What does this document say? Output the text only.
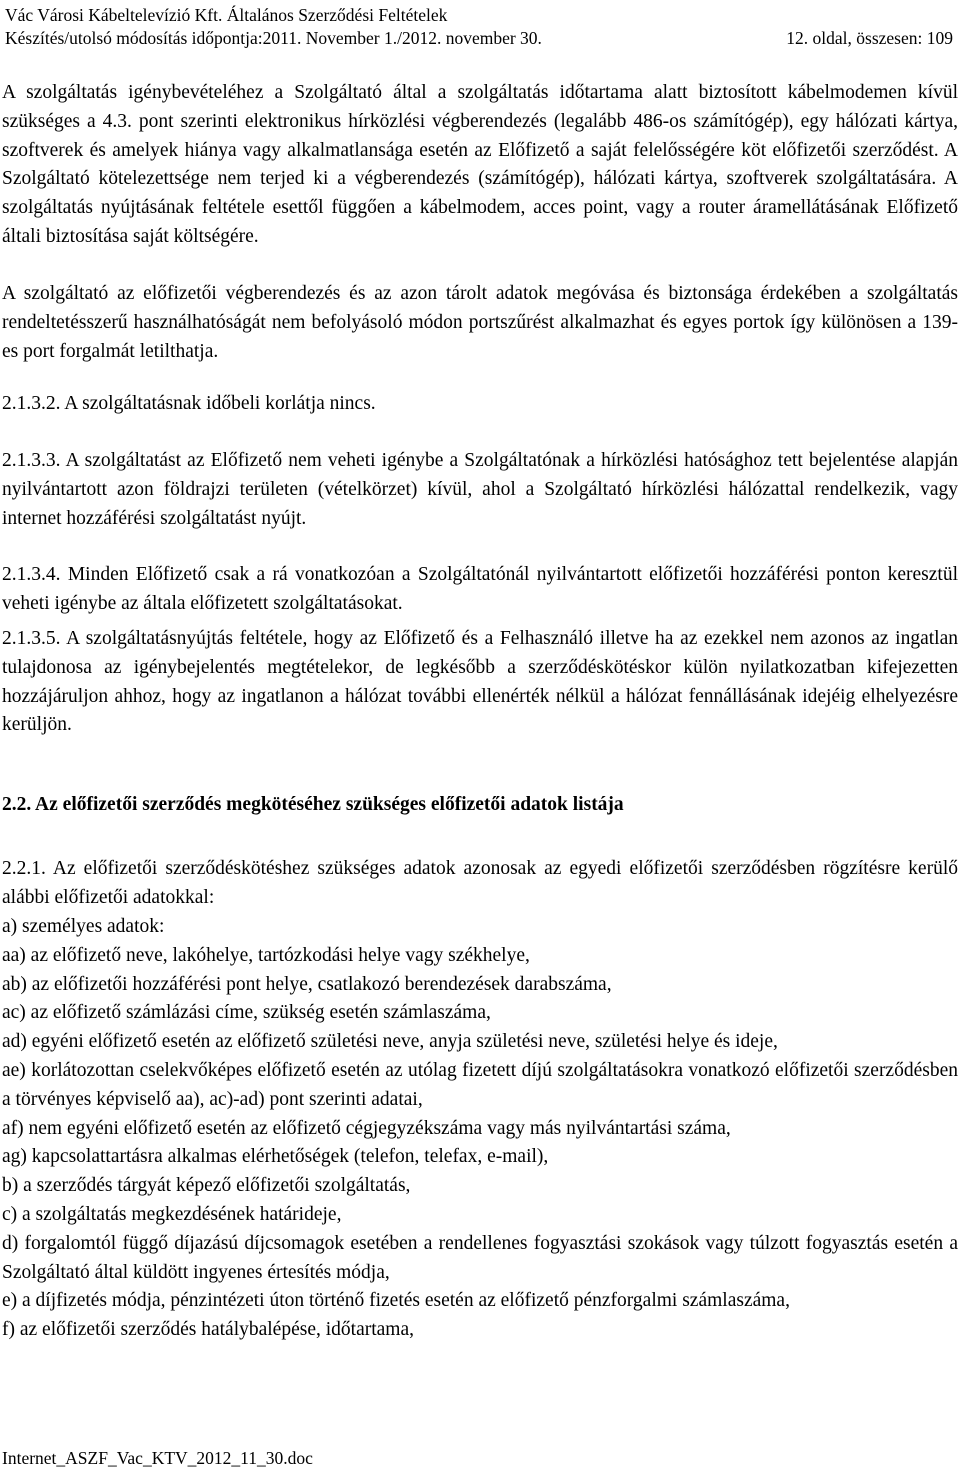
Vác Városi Kábeltelevízió Kft. Általános Szerződési Feltételek
Készítés/utolsó módosítás időpontja:2011. November 1./2012. november 30.	12. oldal, összesen: 109
A szolgáltatás igénybevételéhez a Szolgáltató által a szolgáltatás időtartama alatt biztosított kábelmodemen kívül szükséges a 4.3. pont szerinti elektronikus hírközlési végberendezés (legalább 486-os számítógép), egy hálózati kártya, szoftverek és amelyek hiánya vagy alkalmatlansága esetén az Előfizető a saját felelősségére köt előfizetői szerződést. A Szolgáltató kötelezettsége nem terjed ki a végberendezés (számítógép), hálózati kártya, szoftverek szolgáltatására. A szolgáltatás nyújtásának feltétele esettől függően a kábelmodem, acces point, vagy a router áramellátásának Előfizető általi biztosítása saját költségére.
A szolgáltató az előfizetői végberendezés és az azon tárolt adatok megóvása és biztonsága érdekében a szolgáltatás rendeltetésszerű használhatóságát nem befolyásoló módon portszűrést alkalmazhat és egyes portok így különösen a 139-es port forgalmát letilthatja.
2.1.3.2. A szolgáltatásnak időbeli korlátja nincs.
2.1.3.3. A szolgáltatást az Előfizető nem veheti igénybe a Szolgáltatónak a hírközlési hatósághoz tett bejelentése alapján nyilvántartott azon földrajzi területen (vételkörzet) kívül, ahol a Szolgáltató hírközlési hálózattal rendelkezik, vagy internet hozzáférési szolgáltatást nyújt.
2.1.3.4. Minden Előfizető csak a rá vonatkozóan a Szolgáltatónál nyilvántartott előfizetői hozzáférési ponton keresztül veheti igénybe az általa előfizetett szolgáltatásokat.
2.1.3.5. A szolgáltatásnyújtás feltétele, hogy az Előfizető és a Felhasználó illetve ha az ezekkel nem azonos az ingatlan tulajdonosa az igénybejelentés megtételekor, de legkésőbb a szerződéskötéskor külön nyilatkozatban kifejezetten hozzájáruljon ahhoz, hogy az ingatlanon a hálózat további ellenérték nélkül a hálózat fennállásának idejéig elhelyezésre kerüljön.
2.2. Az előfizetői szerződés megkötéséhez szükséges előfizetői adatok listája
2.2.1. Az előfizetői szerződéskötéshez szükséges adatok azonosak az egyedi előfizetői szerződésben rögzítésre kerülő alábbi előfizetői adatokkal:
a) személyes adatok:
aa) az előfizető neve, lakóhelye, tartózkodási helye vagy székhelye,
ab) az előfizetői hozzáférési pont helye, csatlakozó berendezések darabszáma,
ac) az előfizető számlázási címe, szükség esetén számlaszáma,
ad) egyéni előfizető esetén az előfizető születési neve, anyja születési neve, születési helye és ideje,
ae) korlátozottan cselekvőképes előfizető esetén az utólag fizetett díjú szolgáltatásokra vonatkozó előfizetői szerződésben a törvényes képviselő aa), ac)-ad) pont szerinti adatai,
af) nem egyéni előfizető esetén az előfizető cégjegyzékszáma vagy más nyilvántartási száma,
ag) kapcsolattartásra alkalmas elérhetőségek (telefon, telefax, e-mail),
b) a szerződés tárgyát képező előfizetői szolgáltatás,
c) a szolgáltatás megkezdésének határideje,
d) forgalomtól függő díjazású díjcsomagok esetében a rendellenes fogyasztási szokások vagy túlzott fogyasztás esetén a Szolgáltató által küldött ingyenes értesítés módja,
e) a díjfizetés módja, pénzintézeti úton történő fizetés esetén az előfizető pénzforgalmi számlaszáma,
f) az előfizetői szerződés hatálybalépése, időtartama,
Internet_ASZF_Vac_KTV_2012_11_30.doc
